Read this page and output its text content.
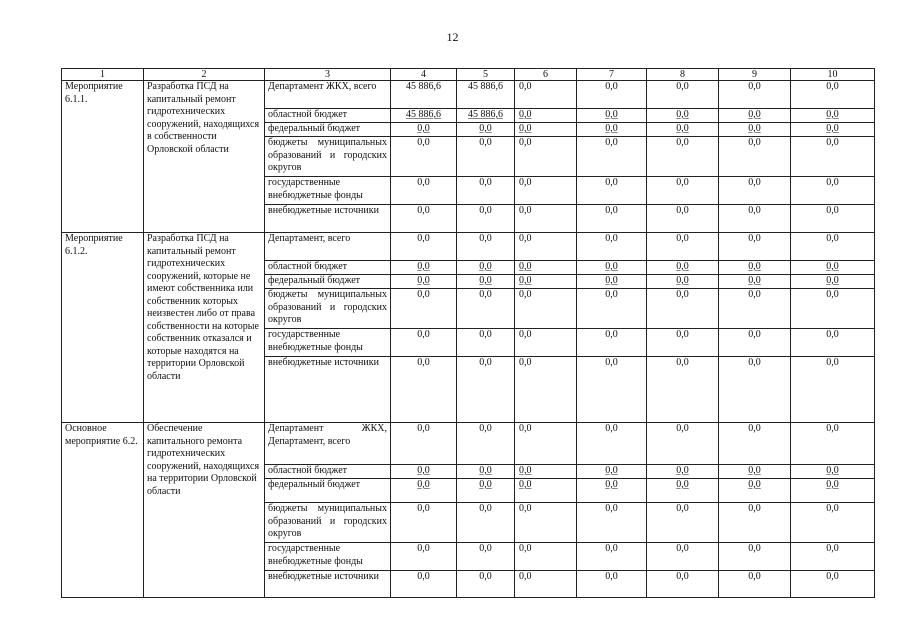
12
1	2	3	4	5	6	7	8	9	10
Мероприятие 6.1.1.	Разработка ПСД на капитальный ремонт гидротехнических сооружений, находящихся в собственности Орловской области	Департамент ЖКХ, всего	45 886,6	45 886,6	0,0	0,0	0,0	0,0	0,0
		областной бюджет	45 886,6	45 886,6	0,0	0,0	0,0	0,0	0,0
		федеральный бюджет	0,0	0,0	0,0	0,0	0,0	0,0	0,0
		бюджеты муниципальных образований и городских округов	0,0	0,0	0,0	0,0	0,0	0,0	0,0
		государственные внебюджетные фонды	0,0	0,0	0,0	0,0	0,0	0,0	0,0
		внебюджетные источники	0,0	0,0	0,0	0,0	0,0	0,0	0,0
Мероприятие 6.1.2.	Разработка ПСД на капитальный ремонт гидротехнических сооружений, которые не имеют собственника или собственник которых неизвестен либо от права собственности на которые собственник отказался и которые находятся на территории Орловской области	Департамент, всего	0,0	0,0	0,0	0,0	0,0	0,0	0,0
		областной бюджет	0,0	0,0	0,0	0,0	0,0	0,0	0,0
		федеральный бюджет	0,0	0,0	0,0	0,0	0,0	0,0	0,0
		бюджеты муниципальных образований и городских округов	0,0	0,0	0,0	0,0	0,0	0,0	0,0
		государственные внебюджетные фонды	0,0	0,0	0,0	0,0	0,0	0,0	0,0
		внебюджетные источники	0,0	0,0	0,0	0,0	0,0	0,0	0,0
Основное мероприятие 6.2.	Обеспечение капитального ремонта гидротехнических сооружений, находящихся на территории Орловской области	Департамент ЖКХ, Департамент, всего	0,0	0,0	0,0	0,0	0,0	0,0	0,0
		областной бюджет	0,0	0,0	0,0	0,0	0,0	0,0	0,0
		федеральный бюджет	0,0	0,0	0,0	0,0	0,0	0,0	0,0
		бюджеты муниципальных образований и городских округов	0,0	0,0	0,0	0,0	0,0	0,0	0,0
		государственные внебюджетные фонды	0,0	0,0	0,0	0,0	0,0	0,0	0,0
		внебюджетные источники	0,0	0,0	0,0	0,0	0,0	0,0	0,0
